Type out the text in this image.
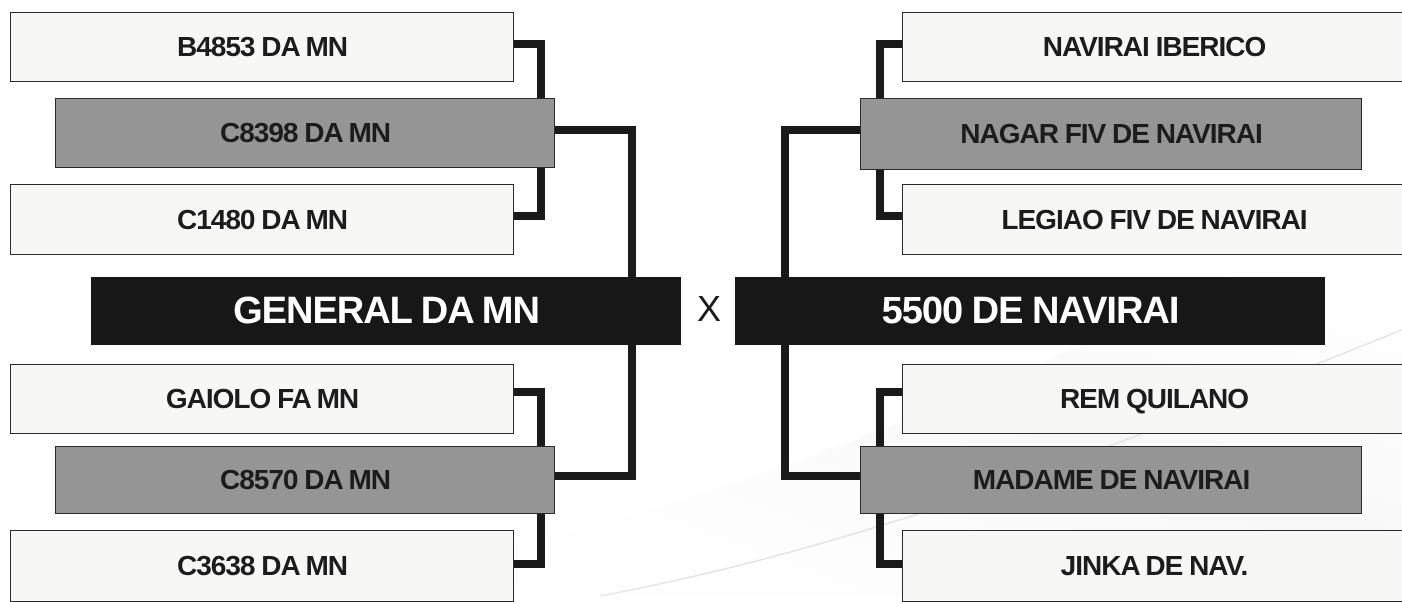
B4853 DA MN
C8398 DA MN
C1480 DA MN
GENERAL DA MN
GAIOLO FA MN
C8570 DA MN
C3638 DA MN
X
NAVIRAI IBERICO
NAGAR FIV DE NAVIRAI
LEGIAO FIV DE NAVIRAI
5500 DE NAVIRAI
REM QUILANO
MADAME DE NAVIRAI
JINKA DE NAV.
